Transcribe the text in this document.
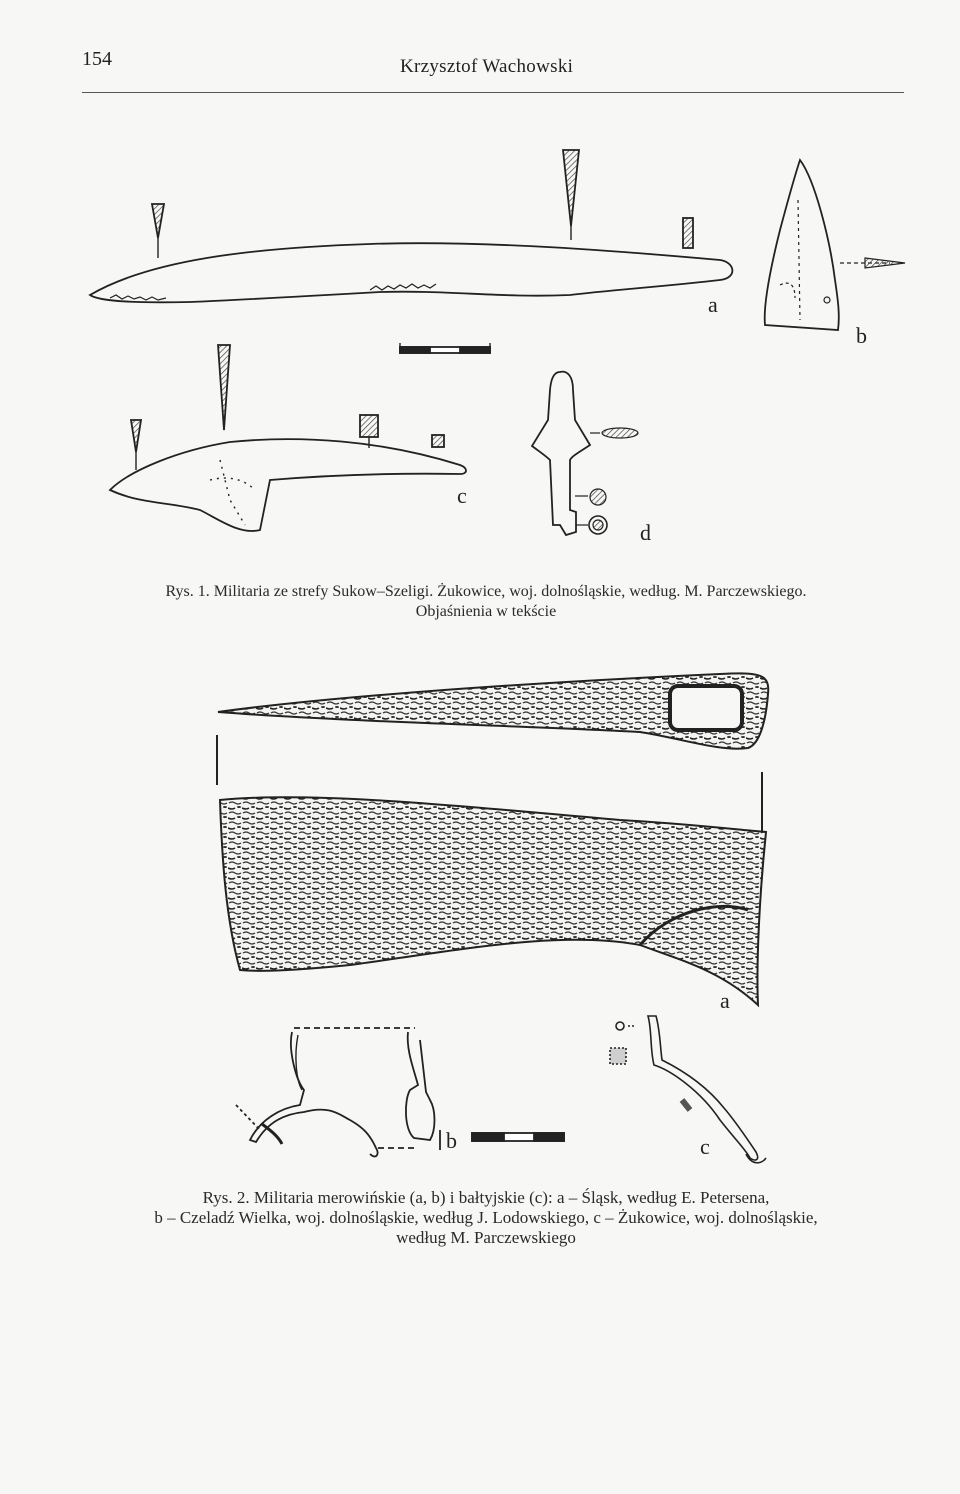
154	Krzysztof Wachowski
a
b
c
d
Rys. 1. Militaria ze strefy Sukow–Szeligi. Żukowice, woj. dolnośląskie, według. M. Parczewskiego.
Objaśnienia w tekście
a
b	c
Rys. 2. Militaria merowińskie (a, b) i bałtyjskie (c): a – Śląsk, według E. Petersena,
b – Czeladź Wielka, woj. dolnośląskie, według J. Lodowskiego, c – Żukowice, woj. dolnośląskie,
według M. Parczewskiego
